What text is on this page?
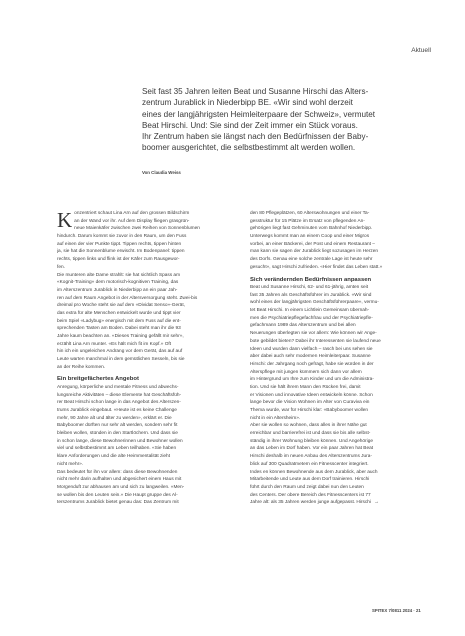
Aktuell
Seit fast 35 Jahren leiten Beat und Susanne Hirschi das Alters-
zentrum Jurablick in Niederbipp BE. «Wir sind wohl derzeit
eines der langjährigsten Heimleiterpaare der Schweiz», vermutet
Beat Hirschi. Und: Sie sind der Zeit immer ein Stück voraus.
Ihr Zentrum haben sie längst nach den Bedürfnissen der Baby-
boomer ausgerichtet, die selbstbestimmt alt werden wollen.
Von Claudia Weiss
K onzentriert schaut Lina Arn auf den grossen Bildschirm
an der Wand vor ihr. Auf dem Display fliegen grasgrün-
neue Maienkäfer zwischen zwei Reihen von Sonnenblumen
hindurch. Darum kommt sie zuvor in den Raum, um den Fuss
auf einen der vier Punkte tippt. Tippen rechts, tippen hinten
ja, sie hat die Sonnenblume erwischt. Im Bodenpanel: tippen
rechts, tippen links und flink ist der Käfer zum Rausgewor-
fen.
Die munteren alte Dame strahlt: sie hat sichtlich Spass am
«Kognit-Training» dem motorisch-kognitiven Training, das
im Alterszentrum Jurablick in Niederbipp an ein paar Jah-
ren auf dem Raum Angebot in der Altersversorgung steht. Zwei-bis
dreimal pro Woche steht sie auf dem «Dividat Senso»-Gerät,
das extra für alte Menschen entwickelt wurde und tippt vier
beim Spiel «Ladybug» energisch mit dem Fuss auf die ent-
sprechenden Tasten am Boden. Dabei steht man ihr die 93
Jahre kaum beachten an. «Dieses Training gefällt mir sehr»,
erzählt Lina Arn munter. «Es hält mich fit im Kopf.» Oft
hin ich ein ungeleichen Andrang vor dem Gerät, das auf auf
Leute warten manchmal in dem gemütlichen Sesseln, bis sie
an der Reihe kommen.
Ein breitgefächertes Angebot
Anregung, körperliche und mentale Fitness und abwechs-
lungsreiche Aktivitäten – diese Elemente hat Geschäftsfüh-
rer Beat Hirschi schon lange in das Angebot des Alterszen-
trums Jurablick eingebaut. «Heute ist es keine Challenge
mehr, 90 Jahre alt und älter zu werden», erklärt er. Die
Babyboomer dürften nur sehr alt werden, sondern sehr fit
bleiben wollen, stünden in den Startlöchern. Und dass sie
in schon lange, diese Bewohnerinnen und Bewohner wollen
viel und selbstbestimmt am Leben teilhaben. «Sie haben
klare Anforderungen und die alte Heimmentalität zieht
nicht mehr».
Das bedeutet für ihn vor allem: dass diese Bewohnenden
nicht mehr darin aufhalten und abgesichert einem Haus mit
Morgenduft zur abhausen am und sich zu langweilen. «Men-
se wollen bis den Leuten sein.» Die Haupt gruppe des Al-
terszentrums Jurablick bietet genau das: Das Zentrum mit
den 80 Pflegeplätzen, 60 Alterswohnungen und einer Ta-
gesstruktur für 15 Plätze im Ersatz von pflegenden An-
gehörigen liegt fast Gehminuten vom Bahnhof Niederbipp.
Unterwegs kommt man an einem Coop und einer Migros
vorbei, an einer Bäckerei, der Post und einem Restaurant –
man kann sie sagen der Jurablick liegt sozusagen im Herzen
des Dorfs. Genau eine solche zentrale Lage ist heute sehr
gesucht», sagt Hirschi zufrieden. «Hier findet das Leben statt.»
Sich verändernden Bedürfnissen anpassen
Beat und Susanne Hirschi, 62- und 61-jährig, amten seit
fast 35 Jahren als Geschäftsführer im Jurablick. «Wir sind
wohl eines der langjährigsten Geschäftsführerpaare», vermu-
tet Beat Hirschi. In einem Lichtlein Gemeinsam übernah-
men die Psychiatriepflegefachfrau und der Psychiatriepfle-
gefachmann 1989 das Alterszentrum und bei allen
Neuerungen überlegten sie vor allem: Wie können wir Ange-
bote gebildet bieten? Dabei ihr Interessenten sie laufend neue
Ideen und wurden dann vielfach – rasch bei uns sehen sie
aber dabei auch sehr modernen Heimleiterpaar. Susanne
Hirschi: der Jahrgang noch gefragt, habe sie würden in der
Alterspflege mit jungen kümmern sich dann vor allem
im Hintergrund um Ihre zum Kinder und um die Administra-
tion. Und sie hält ihrem Mann den Rücken frei, damit
er Visionen und innovative Ideen entwickeln könne. Schon
lange bevor die Vision Wohnen im Alter von Curaviva ein
Thema wurde, war für Hirschi klar: «Babyboomer wollen
nicht in ein Altersheim».
Aber sie wollen so wohnen, dass alles in ihrer Nähe gut
erreichbar und barrierefrei ist und dass sie bis alle selbst-
ständig in ihrer Wohnung bleiben können. Und Angehörige
an das Leben im Dorf haben. Vor ein paar Jahren hat Beat
Hirschi deshalb im neuen Anbau des Alterszentrums Jura-
blick auf 300 Quadratmetern ein Fitnesscenter integriert.
Indes en können Bewohnende aus dem Jurablick, aber auch
Mitarbeitende und Leute aus dem Dorf trainieren. Hirschi
führt durch den Raum und zeigt dabei nun den Leuten
des Centers. Der obere Bereich des Fitnesscenters ist 77
Jahre alt: als 35 Jahren werden junge aufgepasst. Hirschi →
SPITEX 7/0811 2024 · 21
